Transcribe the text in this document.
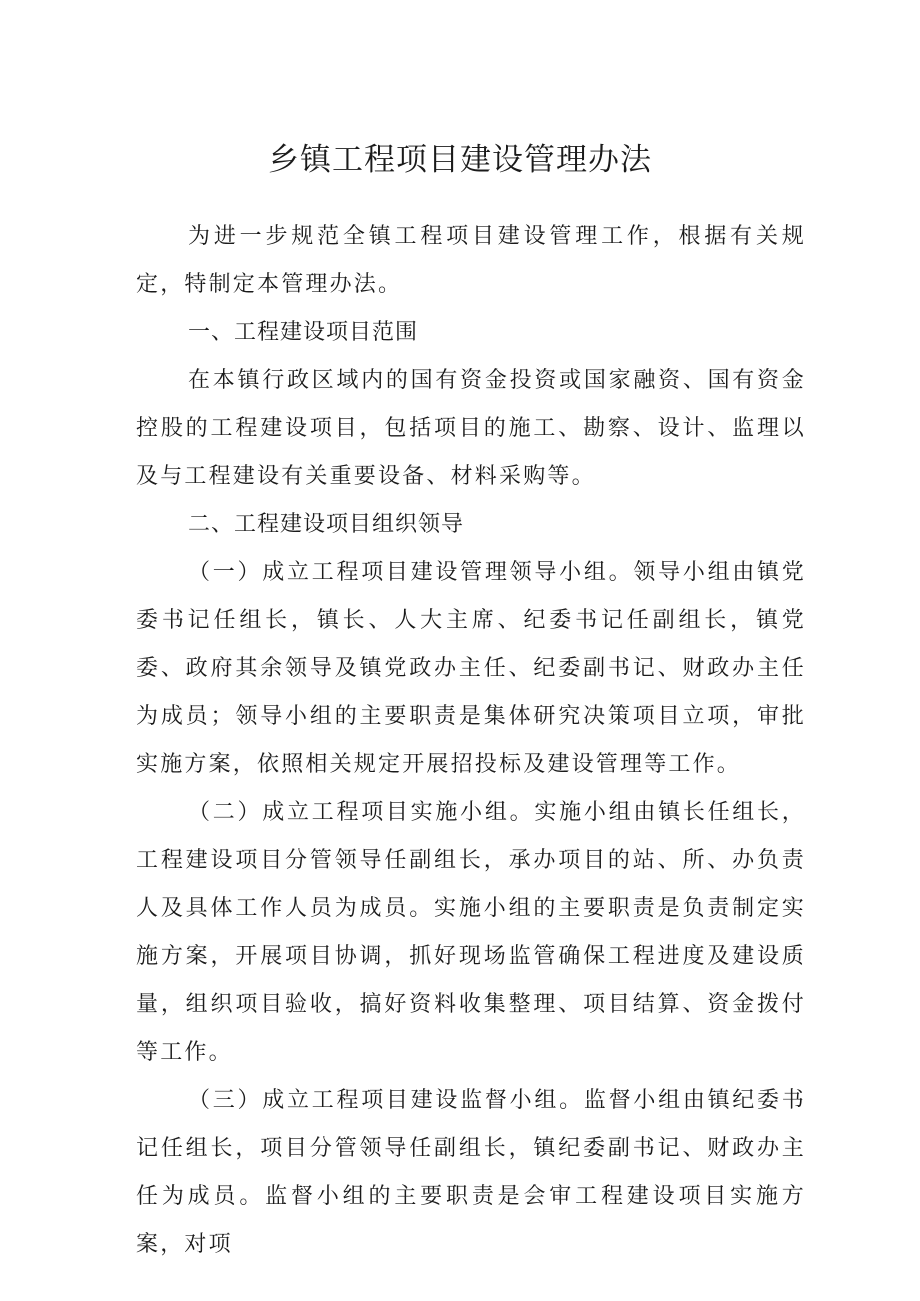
乡镇工程项目建设管理办法

为进一步规范全镇工程项目建设管理工作，根据有关规定，特制定本管理办法。

一、工程建设项目范围

在本镇行政区域内的国有资金投资或国家融资、国有资金控股的工程建设项目，包括项目的施工、勘察、设计、监理以及与工程建设有关重要设备、材料采购等。

二、工程建设项目组织领导

（一）成立工程项目建设管理领导小组。领导小组由镇党委书记任组长，镇长、人大主席、纪委书记任副组长，镇党委、政府其余领导及镇党政办主任、纪委副书记、财政办主任为成员；领导小组的主要职责是集体研究决策项目立项，审批实施方案，依照相关规定开展招投标及建设管理等工作。

（二）成立工程项目实施小组。实施小组由镇长任组长，工程建设项目分管领导任副组长，承办项目的站、所、办负责人及具体工作人员为成员。实施小组的主要职责是负责制定实施方案，开展项目协调，抓好现场监管确保工程进度及建设质量，组织项目验收，搞好资料收集整理、项目结算、资金拨付等工作。

（三）成立工程项目建设监督小组。监督小组由镇纪委书记任组长，项目分管领导任副组长，镇纪委副书记、财政办主任为成员。监督小组的主要职责是会审工程建设项目实施方案，对项
